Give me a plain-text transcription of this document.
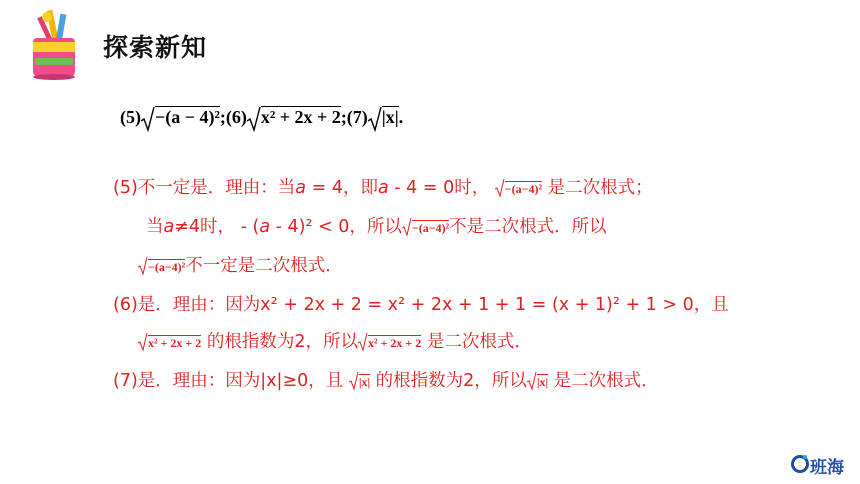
探索新知
(5) −(a − 4)²;(6) x² + 2x + 2;(7) |x|.
(5)不一定是．理由：当a = 4，即a - 4 = 0时， −(a−4)² 是二次根式；
当a≠4时， - (a - 4)² < 0，所以 −(a−4)²不是二次根式．所以
−(a−4)²不一定是二次根式．
(6)是．理由：因为x² + 2x + 2 = x² + 2x + 1 + 1 = (x + 1)² + 1 > 0，且
x² + 2x + 2 的根指数为2，所以 x² + 2x + 2 是二次根式．
(7)是．理由：因为|x|≥0，且 |x| 的根指数为2，所以 |x| 是二次根式．
班海
